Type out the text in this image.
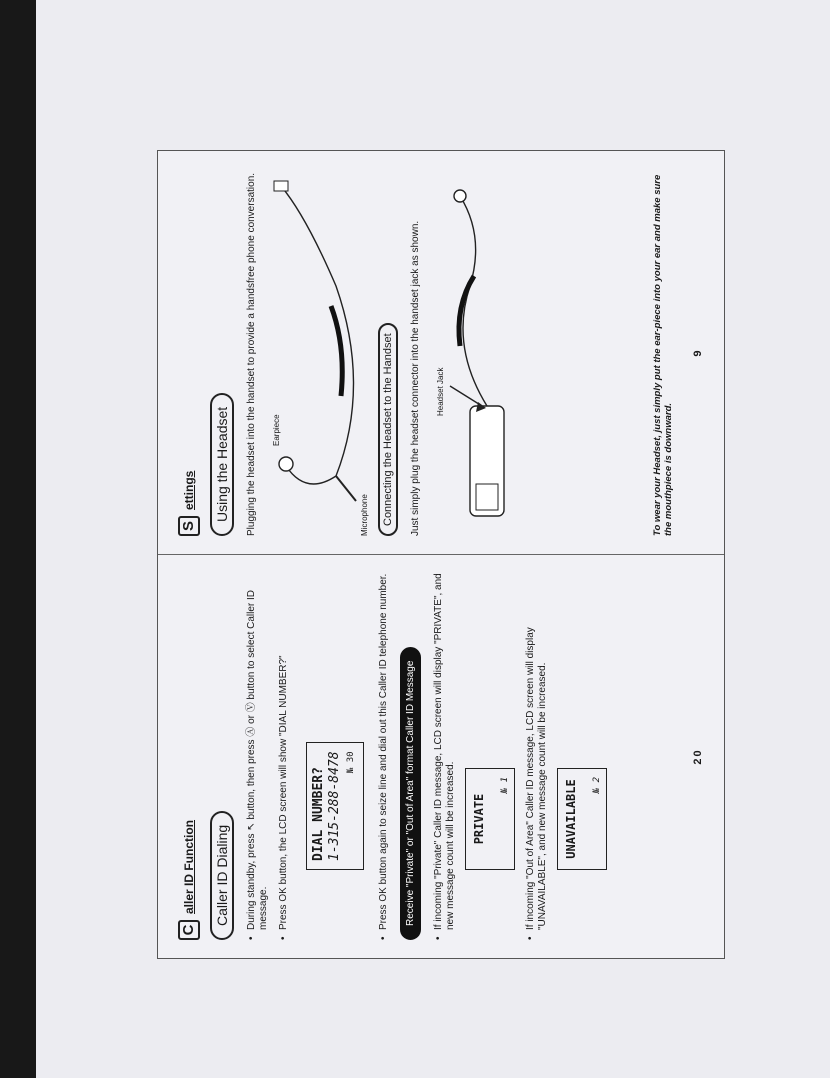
C
aller ID Function Caller ID Dialing • During standby, press ↖ button, then press Ⓐ or Ⓥ button to select Caller ID message. • Press OK button, the LCD screen will show "DIAL NUMBER?" DIAL NUMBER? 1-315-288-8478 № 30	• Press OK button again to seize line and dial out this Caller ID telephone number. Receive "Private" or "Out of Area" format Caller ID Message • If incoming "Private" Caller ID message, LCD screen will display "PRIVATE", and new message count will be increased. PRIVATE
№ 1 • If incoming "Out of Area" Caller ID message, LCD screen will display "UNAVAILABLE", and new message count will be increased. UNAVAILABLE № 2
20
S
ettings Using the Headset Plugging the headset into the handset to provide a handsfree phone conversation. Earpiece
Microphone Connecting the Headset to the Handset Just simply plug the headset connector into the handset jack as shown. Headset Jack	To wear your Headset, just simply put the ear-piece into your ear and make sure the mouthpiece is downward.
9
